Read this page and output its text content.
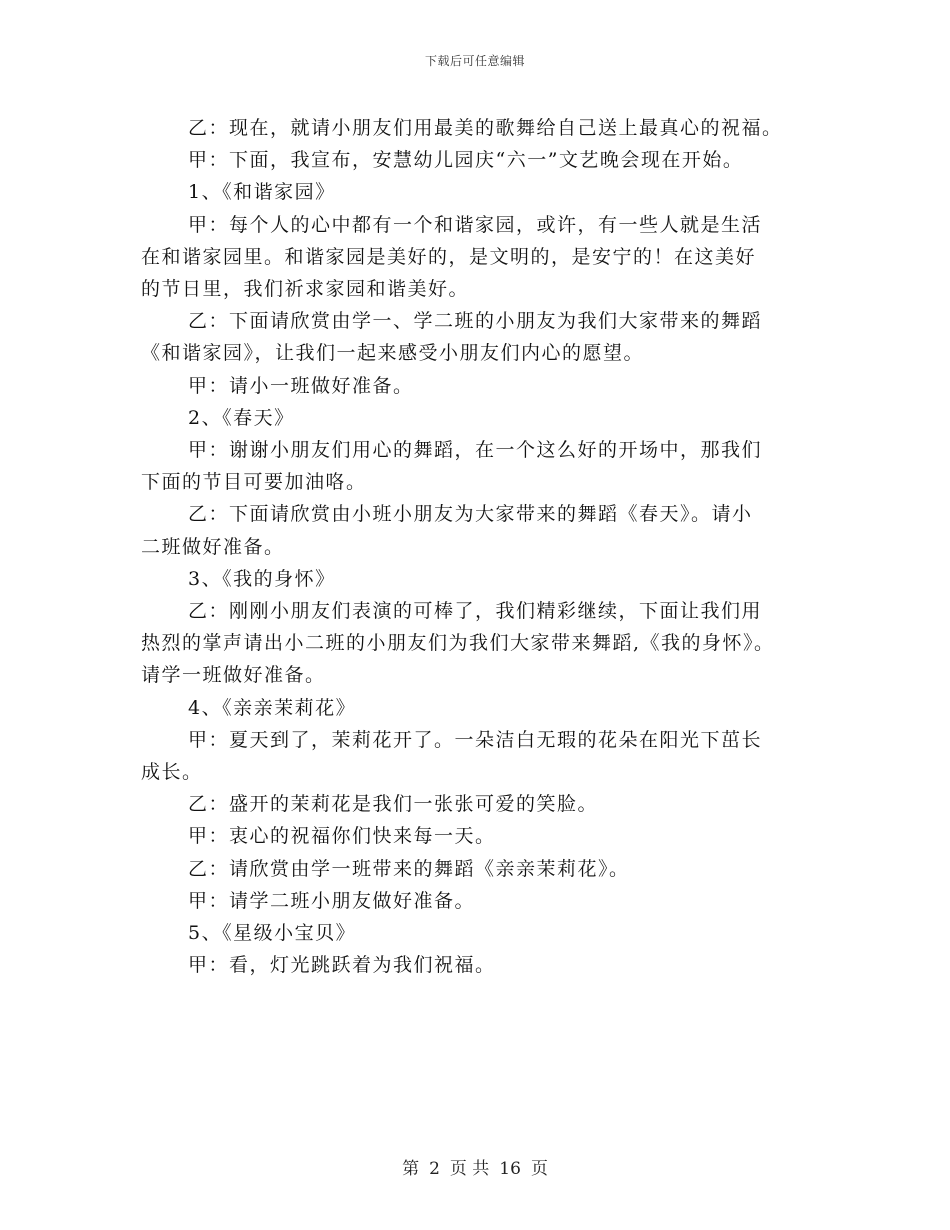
下载后可任意编辑

乙：现在，就请小朋友们用最美的歌舞给自己送上最真心的祝福。

甲：下面，我宣布，安慧幼儿园庆“六一”文艺晚会现在开始。

1、《和谐家园》

甲：每个人的心中都有一个和谐家园，或许，有一些人就是生活
在和谐家园里。和谐家园是美好的，是文明的，是安宁的！在这美好
的节日里，我们祈求家园和谐美好。

乙：下面请欣赏由学一、学二班的小朋友为我们大家带来的舞蹈
《和谐家园》，让我们一起来感受小朋友们内心的愿望。

甲：请小一班做好准备。

2、《春天》

甲：谢谢小朋友们用心的舞蹈，在一个这么好的开场中，那我们
下面的节目可要加油咯。

乙：下面请欣赏由小班小朋友为大家带来的舞蹈《春天》。请小
二班做好准备。

3、《我的身怀》

乙：刚刚小朋友们表演的可棒了，我们精彩继续，下面让我们用
热烈的掌声请出小二班的小朋友们为我们大家带来舞蹈,《我的身怀》。
请学一班做好准备。

4、《亲亲茉莉花》

甲：夏天到了，茉莉花开了。一朵洁白无瑕的花朵在阳光下茁长
成长。

乙：盛开的茉莉花是我们一张张可爱的笑脸。

甲：衷心的祝福你们快来每一天。

乙：请欣赏由学一班带来的舞蹈《亲亲茉莉花》。

甲：请学二班小朋友做好准备。

5、《星级小宝贝》

甲：看，灯光跳跃着为我们祝福。

第 2 页 共 16 页
